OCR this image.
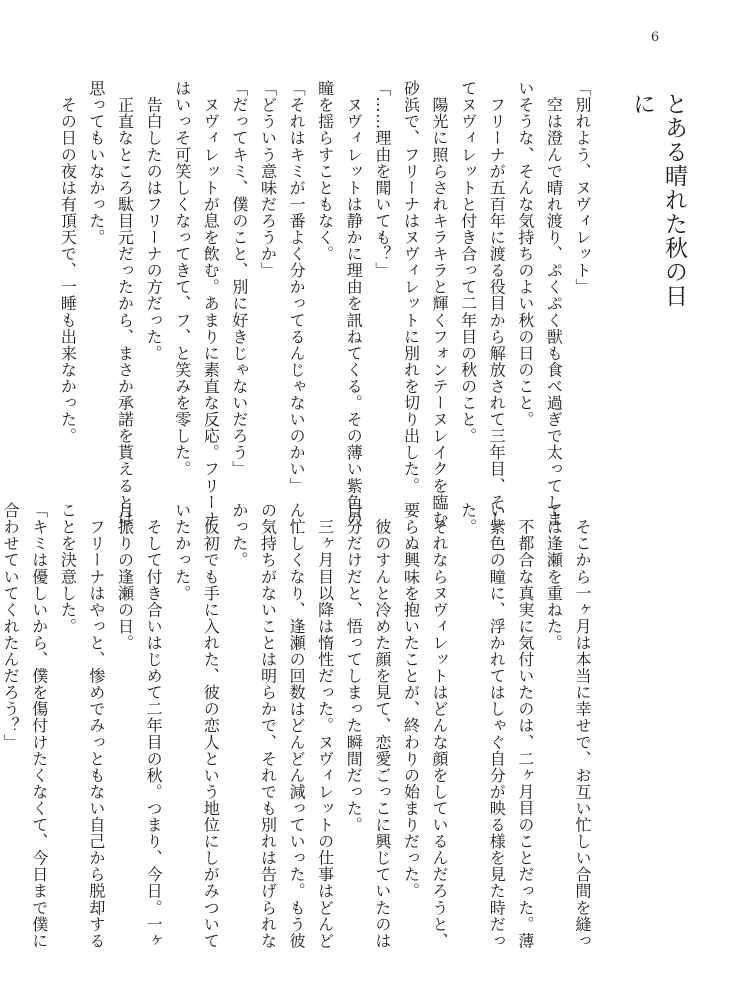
6
とある晴れた秋の日に

「別れよう、ヌヴィレット」

　空は澄んで晴れ渡り、ぷくぷく獣も食べ過ぎで太ってしま

いそうな、そんな気持ちのよい秋の日のこと。

　フリーナが五百年に渡る役目から解放されて三年目、そし

てヌヴィレットと付き合って二年目の秋のこと。

　陽光に照らされキラキラと輝くフォンテーヌレイクを臨む

砂浜で、フリーナはヌヴィレットに別れを切り出した。

「……理由を聞いても？」

　ヌヴィレットは静かに理由を訊ねてくる。その薄い紫色の

瞳を揺らすこともなく。

「それはキミが一番よく分かってるんじゃないのかい」

「どういう意味だろうか」

「だってキミ、僕のこと、別に好きじゃないだろう」

　ヌヴィレットが息を飲む。あまりに素直な反応。フリーナ

はいっそ可笑しくなってきて、フ、と笑みを零した。

　告白したのはフリーナの方だった。

　正直なところ駄目元だったから、まさか承諾を貰えるとは

思ってもいなかった。

　その日の夜は有頂天で、一睡も出来なかった。

　そこから一ヶ月は本当に幸せで、お互い忙しい合間を縫っ

ては逢瀬を重ねた。

　不都合な真実に気付いたのは、二ヶ月目のことだった。薄

い紫色の瞳に、浮かれてはしゃぐ自分が映る様を見た時だっ

た。

　それならヌヴィレットはどんな顔をしているんだろうと、

要らぬ興味を抱いたことが、終わりの始まりだった。

　彼のすんと冷めた顔を見て、恋愛ごっこに興じていたのは

自分だけだと、悟ってしまった瞬間だった。

　三ヶ月目以降は惰性だった。ヌヴィレットの仕事はどんど

ん忙しくなり、逢瀬の回数はどんどん減っていった。もう彼

の気持ちがないことは明らかで、それでも別れは告げられな

かった。

　仮初でも手に入れた、彼の恋人という地位にしがみついて

いたかった。

　そして付き合いはじめて二年目の秋。つまり、今日。一ヶ

月振りの逢瀬の日。

　フリーナはやっと、惨めでみっともない自己から脱却する

ことを決意した。

「キミは優しいから、僕を傷付けたくなくて、今日まで僕に

合わせていてくれたんだろう？」
